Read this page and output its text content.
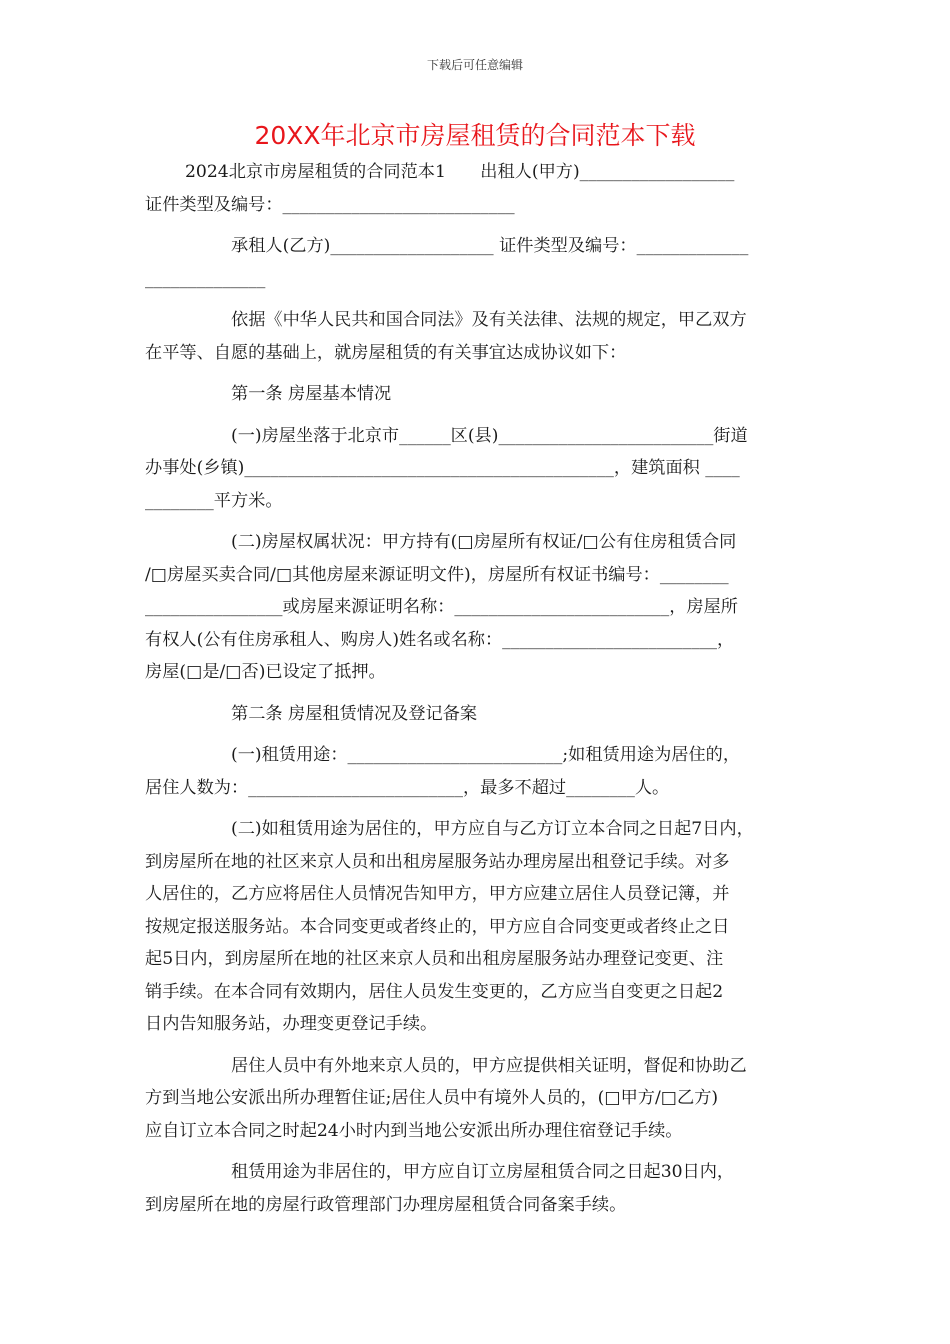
下载后可任意编辑
20XX年北京市房屋租赁的合同范本下载
2024北京市房屋租赁的合同范本1　　出租人(甲方)__________________
证件类型及编号：___________________________
承租人(乙方)___________________ 证件类型及编号：_____________
______________
依据《中华人民共和国合同法》及有关法律、法规的规定，甲乙双方
在平等、自愿的基础上，就房屋租赁的有关事宜达成协议如下：
第一条 房屋基本情况
(一)房屋坐落于北京市______区(县)_________________________街道
办事处(乡镇)___________________________________________，建筑面积 ____
________平方米。
(二)房屋权属状况：甲方持有(□房屋所有权证/□公有住房租赁合同
/□房屋买卖合同/□其他房屋来源证明文件)，房屋所有权证书编号：________
________________或房屋来源证明名称：_________________________，房屋所
有权人(公有住房承租人、购房人)姓名或名称：_________________________，
房屋(□是/□否)已设定了抵押。
第二条 房屋租赁情况及登记备案
(一)租赁用途：_________________________;如租赁用途为居住的，
居住人数为：_________________________，最多不超过________人。
(二)如租赁用途为居住的，甲方应自与乙方订立本合同之日起7日内，
到房屋所在地的社区来京人员和出租房屋服务站办理房屋出租登记手续。对多
人居住的，乙方应将居住人员情况告知甲方，甲方应建立居住人员登记簿，并
按规定报送服务站。本合同变更或者终止的，甲方应自合同变更或者终止之日
起5日内，到房屋所在地的社区来京人员和出租房屋服务站办理登记变更、注
销手续。在本合同有效期内，居住人员发生变更的，乙方应当自变更之日起2
日内告知服务站，办理变更登记手续。
居住人员中有外地来京人员的，甲方应提供相关证明，督促和协助乙
方到当地公安派出所办理暂住证;居住人员中有境外人员的，(□甲方/□乙方)
应自订立本合同之时起24小时内到当地公安派出所办理住宿登记手续。
租赁用途为非居住的，甲方应自订立房屋租赁合同之日起30日内，
到房屋所在地的房屋行政管理部门办理房屋租赁合同备案手续。
